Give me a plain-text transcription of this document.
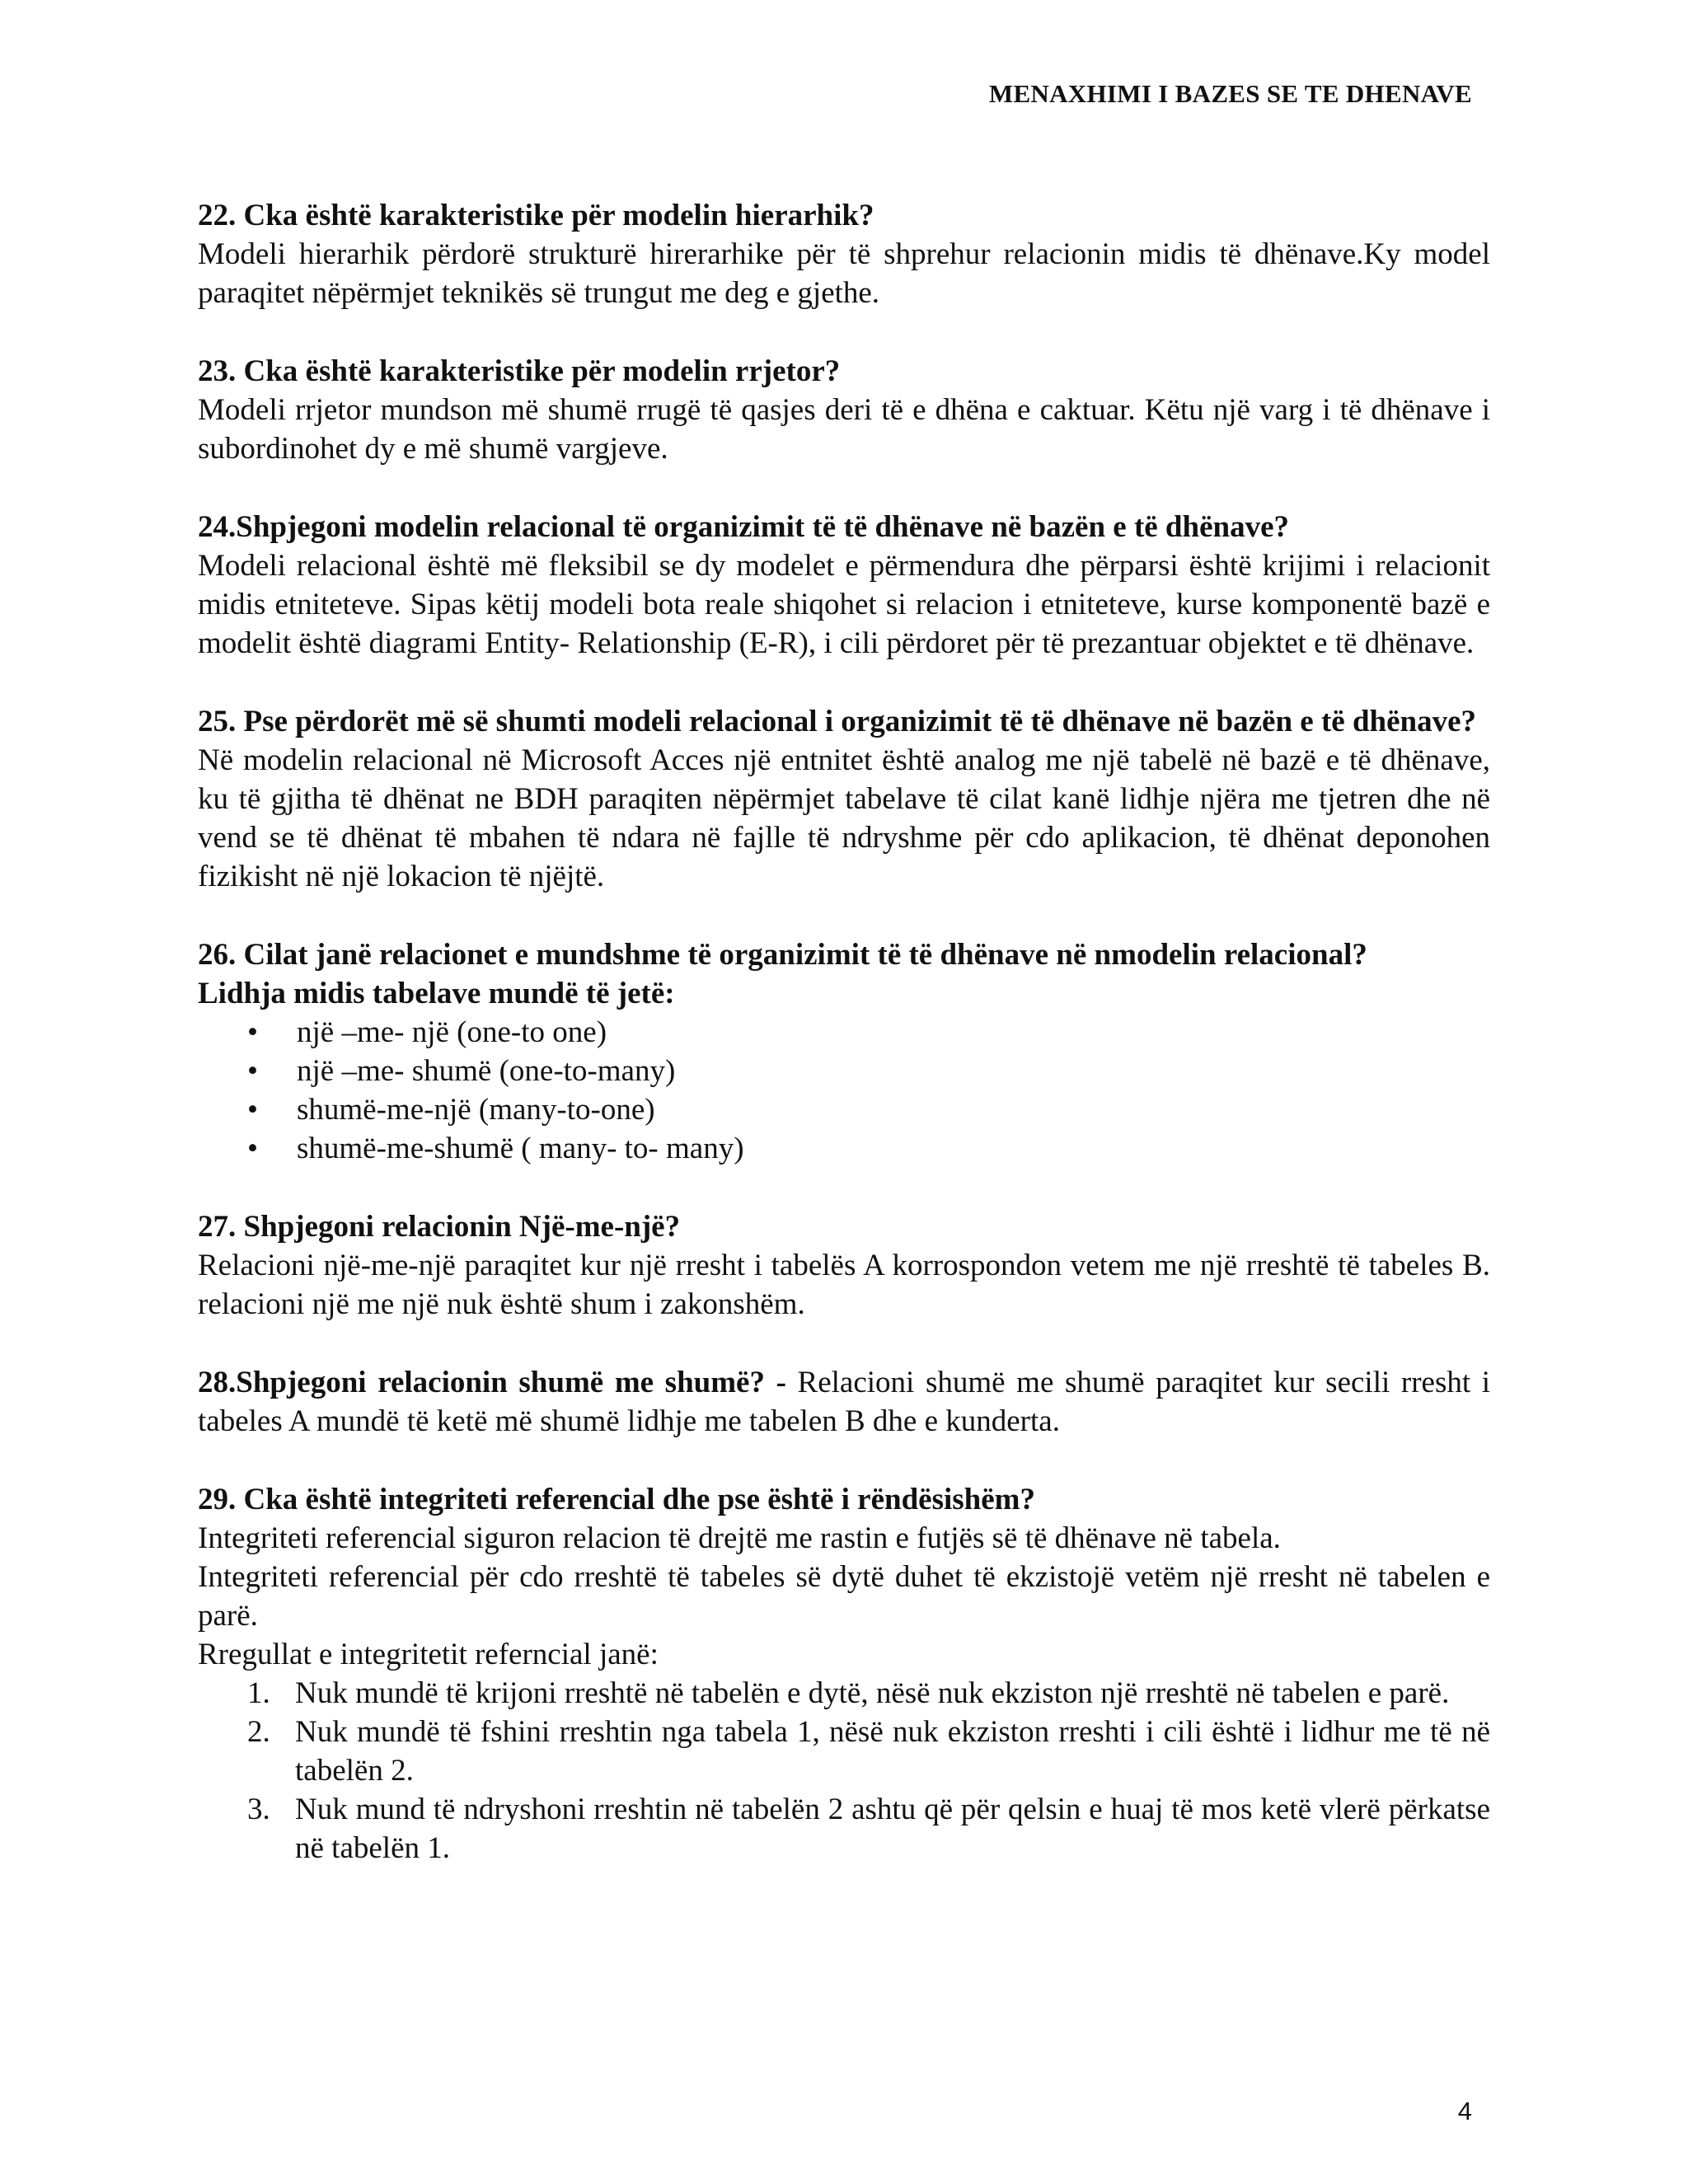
MENAXHIMI I BAZES SE TE DHENAVE
22. Cka është karakteristike për modelin hierarhik?
Modeli hierarhik përdorë strukturë hirerarhike për të shprehur relacionin midis të dhënave.Ky model paraqitet nëpërmjet teknikës së trungut me deg e gjethe.
23. Cka është karakteristike për modelin rrjetor?
Modeli rrjetor mundson më shumë rrugë të qasjes deri të e dhëna e caktuar. Këtu një varg i të dhënave i subordinohet dy e më shumë vargjeve.
24.Shpjegoni modelin relacional të organizimit të të dhënave në bazën e të dhënave?
Modeli relacional është më fleksibil se dy modelet e përmendura dhe përparsi është krijimi i relacionit midis etniteteve. Sipas këtij modeli bota reale shiqohet si relacion i etniteteve, kurse komponentë bazë e modelit është diagrami Entity- Relationship (E-R), i cili përdoret për të prezantuar objektet e të dhënave.
25. Pse përdorët më së shumti modeli relacional i organizimit të të dhënave në bazën e të dhënave?
Në modelin relacional në Microsoft Acces një entnitet është analog me një tabelë në bazë e të dhënave, ku të gjitha të dhënat ne BDH paraqiten nëpërmjet tabelave të cilat kanë lidhje njëra me tjetren dhe në vend se të dhënat të mbahen të ndara në fajlle të ndryshme për cdo aplikacion, të dhënat deponohen fizikisht në një lokacion të njëjtë.
26. Cilat janë relacionet e mundshme të organizimit të të dhënave në nmodelin relacional?
Lidhja midis tabelave mundë të jetë:
• një –me- një (one-to one)
• një –me- shumë (one-to-many)
• shumë-me-një (many-to-one)
• shumë-me-shumë ( many- to- many)
27. Shpjegoni relacionin Një-me-një?
Relacioni një-me-një paraqitet kur një rresht i tabelës A korrospondon vetem me një rreshtë të tabeles B. relacioni një me një nuk është shum i zakonshëm.
28.Shpjegoni relacionin shumë me shumë? - Relacioni shumë me shumë paraqitet kur secili rresht i tabeles A mundë të ketë më shumë lidhje me tabelen B dhe e kunderta.
29. Cka është integriteti referencial dhe pse është i rëndësishëm?
Integriteti referencial siguron relacion të drejtë me rastin e futjës së të dhënave në tabela.
Integriteti referencial për cdo rreshtë të tabeles së dytë duhet të ekzistojë vetëm një rresht në tabelen e parë.
Rregullat e integritetit referncial janë:
1. Nuk mundë të krijoni rreshtë në tabelën e dytë, nësë nuk ekziston një rreshtë në tabelen e parë.
2. Nuk mundë të fshini rreshtin nga tabela 1, nësë nuk ekziston rreshti i cili është i lidhur me të në tabelën 2.
3. Nuk mund të ndryshoni rreshtin në tabelën 2 ashtu që për qelsin e huaj të mos ketë vlerë përkatse në tabelën 1.
4
